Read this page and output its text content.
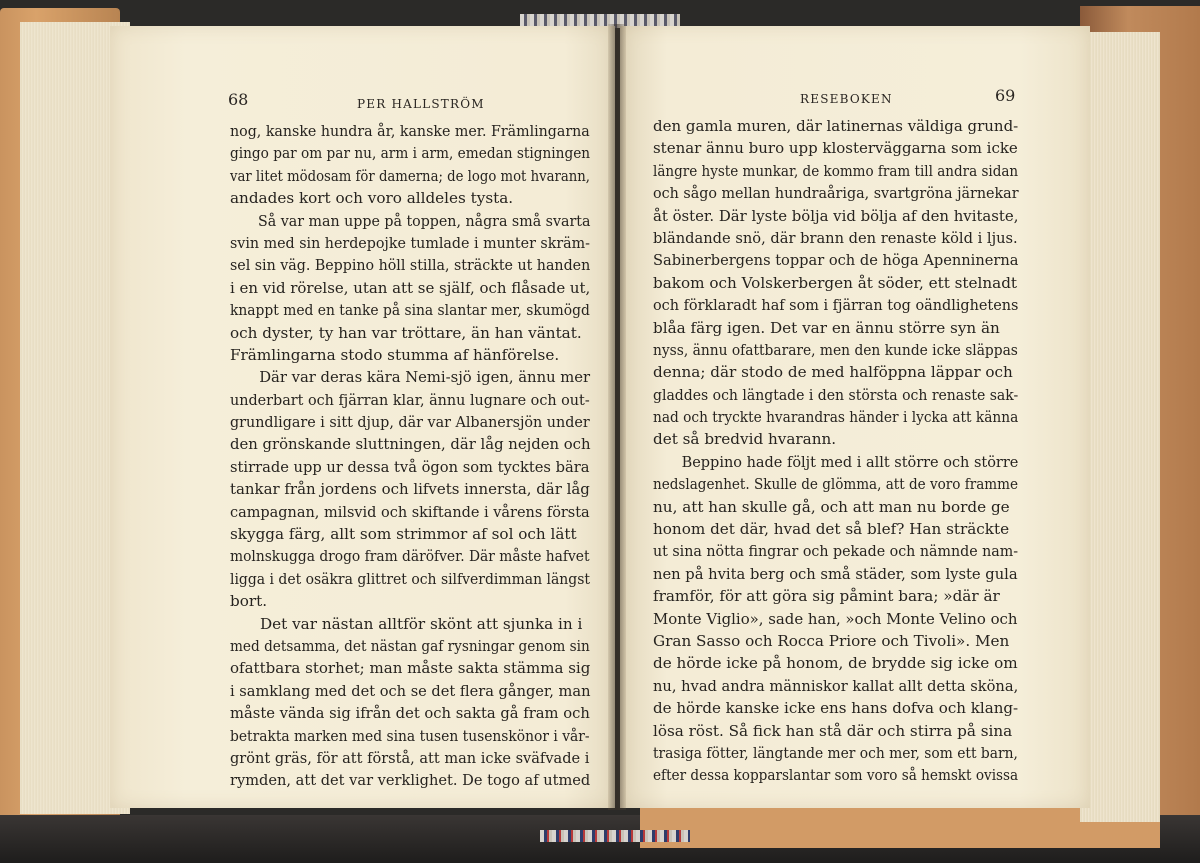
68	PER HALLSTRÖM	RESEBOKEN	69
nog, kanske hundra år, kanske mer. Främlingarna
gingo par om par nu, arm i arm, emedan stigningen
var litet mödosam för damerna; de logo mot hvarann,
andades kort och voro alldeles tysta.
Så var man uppe på toppen, några små svarta
svin med sin herdepojke tumlade i munter skräm-
sel sin väg. Beppino höll stilla, sträckte ut handen
i en vid rörelse, utan att se själf, och flåsade ut,
knappt med en tanke på sina slantar mer, skumögd
och dyster, ty han var tröttare, än han väntat.
Främlingarna stodo stumma af hänförelse.
Där var deras kära Nemi-sjö igen, ännu mer
underbart och fjärran klar, ännu lugnare och out-
grundligare i sitt djup, där var Albanersjön under
den grönskande sluttningen, där låg nejden och
stirrade upp ur dessa två ögon som tycktes bära
tankar från jordens och lifvets innersta, där låg
campagnan, milsvid och skiftande i vårens första
skygga färg, allt som strimmor af sol och lätt
molnskugga drogo fram däröfver. Där måste hafvet
ligga i det osäkra glittret och silfverdimman längst
bort.
Det var nästan alltför skönt att sjunka in i
med detsamma, det nästan gaf rysningar genom sin
ofattbara storhet; man måste sakta stämma sig
i samklang med det och se det flera gånger, man
måste vända sig ifrån det och sakta gå fram och
betrakta marken med sina tusen tusenskönor i vår-
grönt gräs, för att förstå, att man icke sväfvade i
rymden, att det var verklighet. De togo af utmed
den gamla muren, där latinernas väldiga grund-
stenar ännu buro upp klosterväggarna som icke
längre hyste munkar, de kommo fram till andra sidan
och sågo mellan hundraåriga, svartgröna järnekar
åt öster. Där lyste bölja vid bölja af den hvitaste,
bländande snö, där brann den renaste köld i ljus.
Sabinerbergens toppar och de höga Apenninerna
bakom och Volskerbergen åt söder, ett stelnadt
och förklaradt haf som i fjärran tog oändlighetens
blåa färg igen. Det var en ännu större syn än
nyss, ännu ofattbarare, men den kunde icke släppas
denna; där stodo de med halföppna läppar och
gladdes och längtade i den största och renaste sak-
nad och tryckte hvarandras händer i lycka att känna
det så bredvid hvarann.
Beppino hade följt med i allt större och större
nedslagenhet. Skulle de glömma, att de voro framme
nu, att han skulle gå, och att man nu borde ge
honom det där, hvad det så blef? Han sträckte
ut sina nötta fingrar och pekade och nämnde nam-
nen på hvita berg och små städer, som lyste gula
framför, för att göra sig påmint bara; »där är
Monte Viglio», sade han, »och Monte Velino och
Gran Sasso och Rocca Priore och Tivoli». Men
de hörde icke på honom, de brydde sig icke om
nu, hvad andra människor kallat allt detta sköna,
de hörde kanske icke ens hans dofva och klang-
lösa röst. Så fick han stå där och stirra på sina
trasiga fötter, längtande mer och mer, som ett barn,
efter dessa kopparslantar som voro så hemskt ovissa
